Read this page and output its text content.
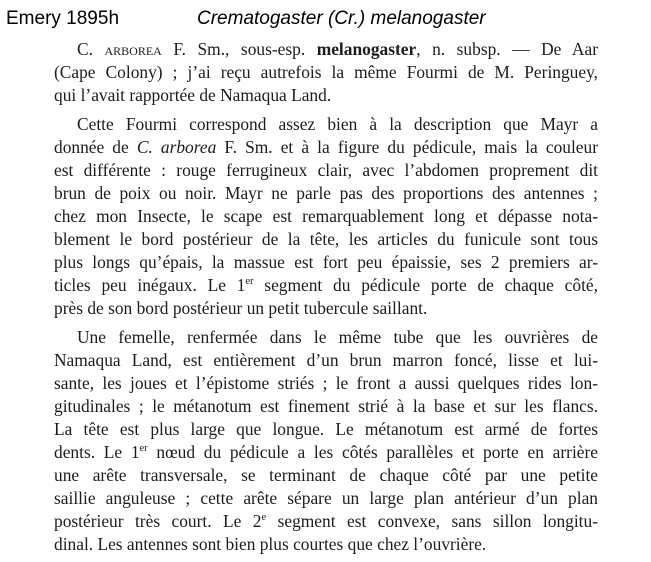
Emery 1895h	Crematogaster (Cr.) melanogaster
C. arborea F. Sm., sous-esp. melanogaster, n. subsp. — De Aar
(Cape Colony) ; j’ai reçu autrefois la même Fourmi de M. Peringuey,
qui l’avait rapportée de Namaqua Land.
Cette Fourmi correspond assez bien à la description que Mayr a
donnée de C. arborea F. Sm. et à la figure du pédicule, mais la couleur
est différente : rouge ferrugineux clair, avec l’abdomen proprement dit
brun de poix ou noir. Mayr ne parle pas des proportions des antennes ;
chez mon Insecte, le scape est remarquablement long et dépasse nota-
blement le bord postérieur de la tête, les articles du funicule sont tous
plus longs qu’épais, la massue est fort peu épaissie, ses 2 premiers ar-
ticles peu inégaux. Le 1er segment du pédicule porte de chaque côté,
près de son bord postérieur un petit tubercule saillant.
Une femelle, renfermée dans le même tube que les ouvrières de
Namaqua Land, est entièrement d’un brun marron foncé, lisse et lui-
sante, les joues et l’épistome striés ; le front a aussi quelques rides lon-
gitudinales ; le métanotum est finement strié à la base et sur les flancs.
La tête est plus large que longue. Le métanotum est armé de fortes
dents. Le 1er nœud du pédicule a les côtés parallèles et porte en arrière
une arête transversale, se terminant de chaque côté par une petite
saillie anguleuse ; cette arête sépare un large plan antérieur d’un plan
postérieur très court. Le 2e segment est convexe, sans sillon longitu-
dinal. Les antennes sont bien plus courtes que chez l’ouvrière.
